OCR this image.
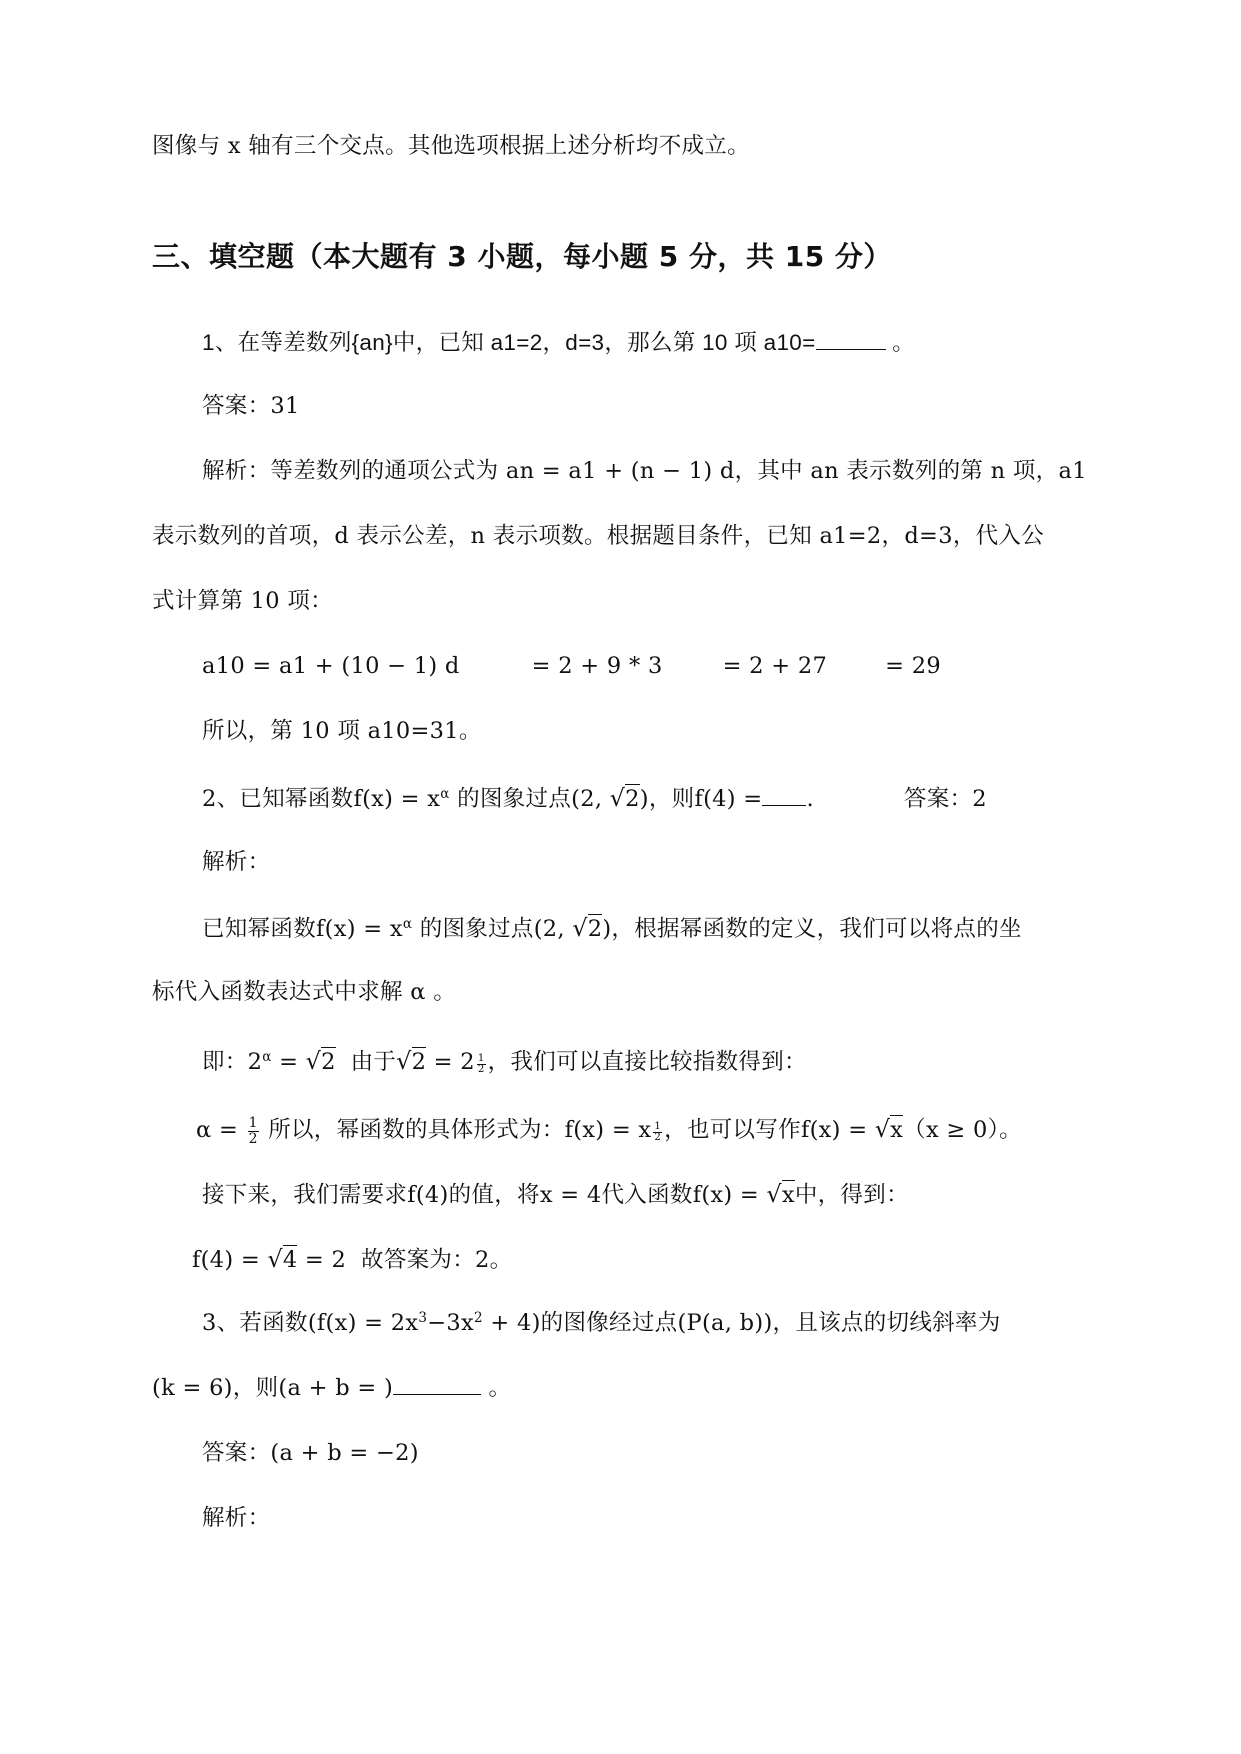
图像与 x 轴有三个交点。其他选项根据上述分析均不成立。
三、填空题（本大题有 3 小题，每小题 5 分，共 15 分）
1、在等差数列{an}中，已知 a1=2，d=3，那么第 10 项 a10=	。
答案：31
解析：等差数列的通项公式为 an = a1 + (n − 1) d，其中 an 表示数列的第 n 项，a1
表示数列的首项，d 表示公差，n 表示项数。根据题目条件，已知 a1=2，d=3，代入公
式计算第 10 项：
a10 = a1 + (10 − 1) d	= 2 + 9 * 3	= 2 + 27	= 29
所以，第 10 项 a10=31。
2、已知幂函数$f(x) = x^\alpha$ 的图象过点(2, √2)，则f(4) =.	答案：2
解析：
已知幂函数$f(x) = x^\alpha$ 的图象过点(2, √2)，根据幂函数的定义，我们可以将点的坐
标代入函数表达式中求解 α 。
即：$2^\alpha = √2$ 由于$√2 = 2 \frac{1}{2}$ ，我们可以直接比较指数得到：
$\alpha = \frac{1}{2}$ 所以，幂函数的具体形式为：f(x) = x $\frac{1}{2}$ ，也可以写作f(x) = √x（x ≥ 0）。
接下来，我们需要求f(4)的值，将x = 4代入函数f(x) = √x中，得到：
f(4) = √4 = 2 故答案为：2。
3、若函数$(f(x) = 2x^3-3x^2 + 4)$的图像经过点(P(a, b))，且该点的切线斜率为
(k = 6)，则(a + b = )	。
答案：(a + b = −2)
解析：
